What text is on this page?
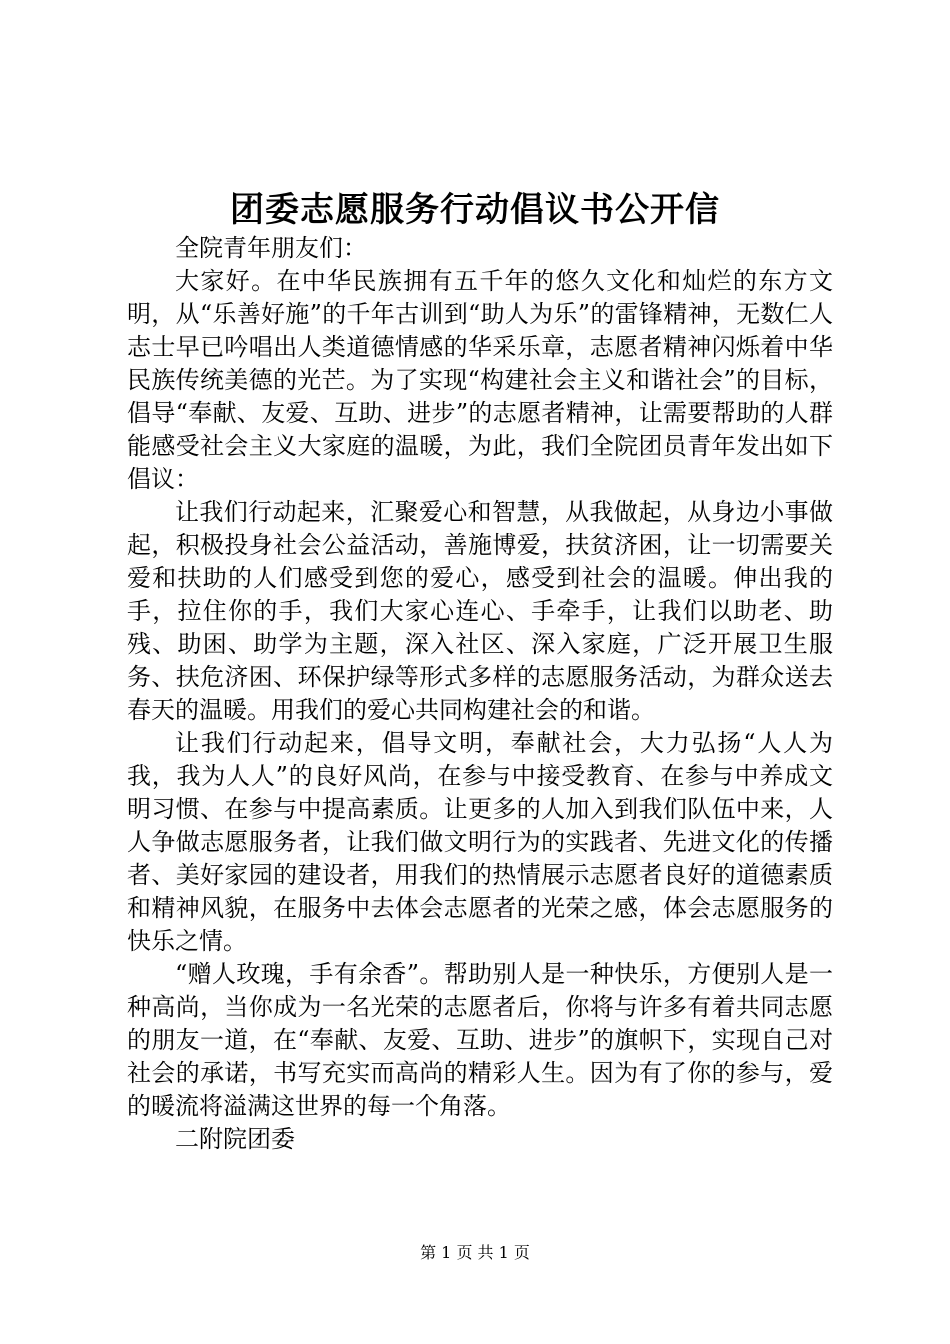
团委志愿服务行动倡议书公开信

全院青年朋友们：

大家好。在中华民族拥有五千年的悠久文化和灿烂的东方文明，从“乐善好施”的千年古训到“助人为乐”的雷锋精神，无数仁人志士早已吟唱出人类道德情感的华采乐章，志愿者精神闪烁着中华民族传统美德的光芒。为了实现“构建社会主义和谐社会”的目标，倡导“奉献、友爱、互助、进步”的志愿者精神，让需要帮助的人群能感受社会主义大家庭的温暖，为此，我们全院团员青年发出如下倡议：

让我们行动起来，汇聚爱心和智慧，从我做起，从身边小事做起，积极投身社会公益活动，善施博爱，扶贫济困，让一切需要关爱和扶助的人们感受到您的爱心，感受到社会的温暖。伸出我的手，拉住你的手，我们大家心连心、手牵手，让我们以助老、助残、助困、助学为主题，深入社区、深入家庭，广泛开展卫生服务、扶危济困、环保护绿等形式多样的志愿服务活动，为群众送去春天的温暖。用我们的爱心共同构建社会的和谐。

让我们行动起来，倡导文明，奉献社会，大力弘扬“人人为我，我为人人”的良好风尚，在参与中接受教育、在参与中养成文明习惯、在参与中提高素质。让更多的人加入到我们队伍中来，人人争做志愿服务者，让我们做文明行为的实践者、先进文化的传播者、美好家园的建设者，用我们的热情展示志愿者良好的道德素质和精神风貌，在服务中去体会志愿者的光荣之感，体会志愿服务的快乐之情。

“赠人玫瑰，手有余香”。帮助别人是一种快乐，方便别人是一种高尚，当你成为一名光荣的志愿者后，你将与许多有着共同志愿的朋友一道，在“奉献、友爱、互助、进步”的旗帜下，实现自己对社会的承诺，书写充实而高尚的精彩人生。因为有了你的参与，爱的暖流将溢满这世界的每一个角落。

二附院团委

第 1 页 共 1 页
